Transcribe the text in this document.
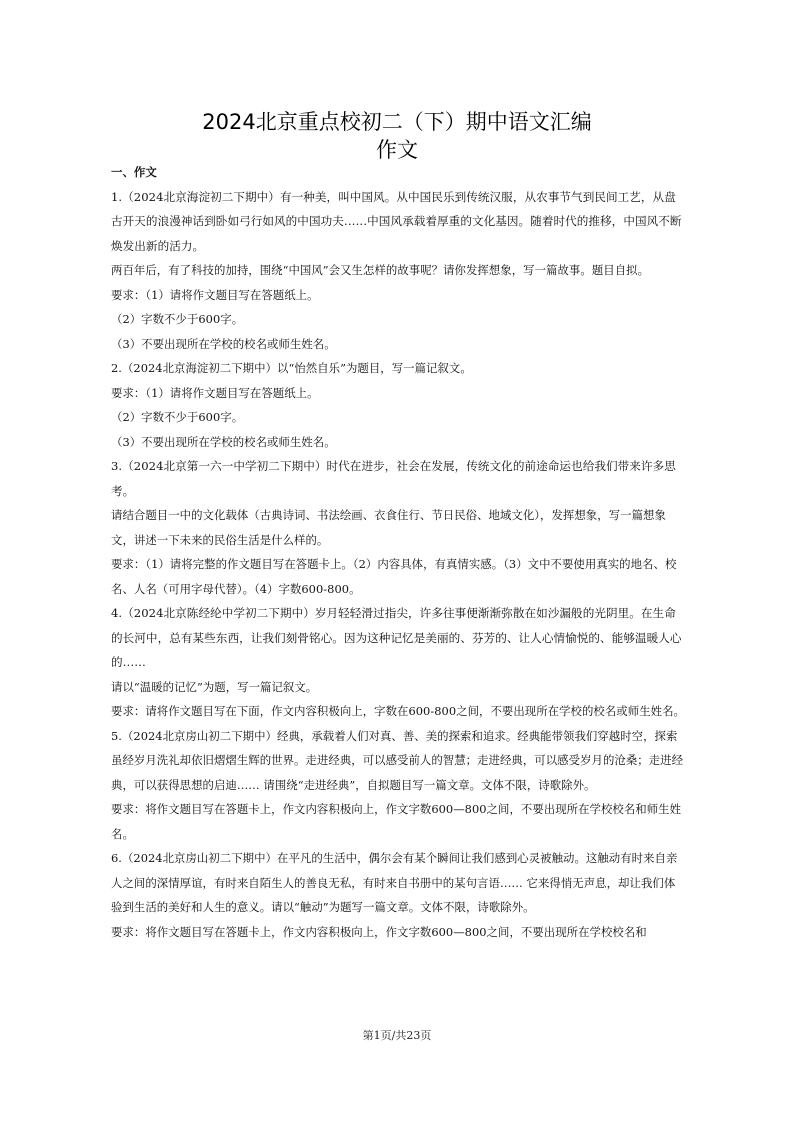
2024北京重点校初二（下）期中语文汇编
作文

一、作文

1.（2024北京海淀初二下期中）有一种美，叫中国风。从中国民乐到传统汉服，从农事节气到民间工艺，从盘古开天的浪漫神话到卧如弓行如风的中国功夫……中国风承载着厚重的文化基因。随着时代的推移，中国风不断焕发出新的活力。

两百年后，有了科技的加持，围绕“中国风”会又生怎样的故事呢？请你发挥想象，写一篇故事。题目自拟。

要求：（1）请将作文题目写在答题纸上。

（2）字数不少于600字。

（3）不要出现所在学校的校名或师生姓名。

2.（2024北京海淀初二下期中）以“怡然自乐”为题目，写一篇记叙文。

要求：（1）请将作文题目写在答题纸上。

（2）字数不少于600字。

（3）不要出现所在学校的校名或师生姓名。

3.（2024北京第一六一中学初二下期中）时代在进步，社会在发展，传统文化的前途命运也给我们带来许多思考。

请结合题目一中的文化载体（古典诗词、书法绘画、衣食住行、节日民俗、地域文化），发挥想象，写一篇想象文，讲述一下未来的民俗生活是什么样的。

要求：（1）请将完整的作文题目写在答题卡上。（2）内容具体，有真情实感。（3）文中不要使用真实的地名、校名、人名（可用字母代替）。（4）字数600-800。

4.（2024北京陈经纶中学初二下期中）岁月轻轻滑过指尖，许多往事便渐渐弥散在如沙漏般的光阴里。在生命的长河中，总有某些东西，让我们刻骨铭心。因为这种记忆是美丽的、芬芳的、让人心情愉悦的、能够温暖人心的……

请以“温暖的记忆”为题，写一篇记叙文。

要求：请将作文题目写在下面，作文内容积极向上，字数在600-800之间，不要出现所在学校的校名或师生姓名。

5.（2024北京房山初二下期中）经典，承载着人们对真、善、美的探索和追求。经典能带领我们穿越时空，探索虽经岁月洗礼却依旧熠熠生辉的世界。走进经典，可以感受前人的智慧；走进经典，可以感受岁月的沧桑；走进经典，可以获得思想的启迪…… 请围绕“走进经典”，自拟题目写一篇文章。文体不限，诗歌除外。

要求：将作文题目写在答题卡上，作文内容积极向上，作文字数600—800之间，不要出现所在学校校名和师生姓名。

6.（2024北京房山初二下期中）在平凡的生活中，偶尔会有某个瞬间让我们感到心灵被触动。这触动有时来自亲人之间的深情厚谊，有时来自陌生人的善良无私，有时来自书册中的某句言语…… 它来得悄无声息，却让我们体验到生活的美好和人生的意义。请以“触动”为题写一篇文章。文体不限，诗歌除外。

要求：将作文题目写在答题卡上，作文内容积极向上，作文字数600—800之间，不要出现所在学校校名和

第1页/共23页
